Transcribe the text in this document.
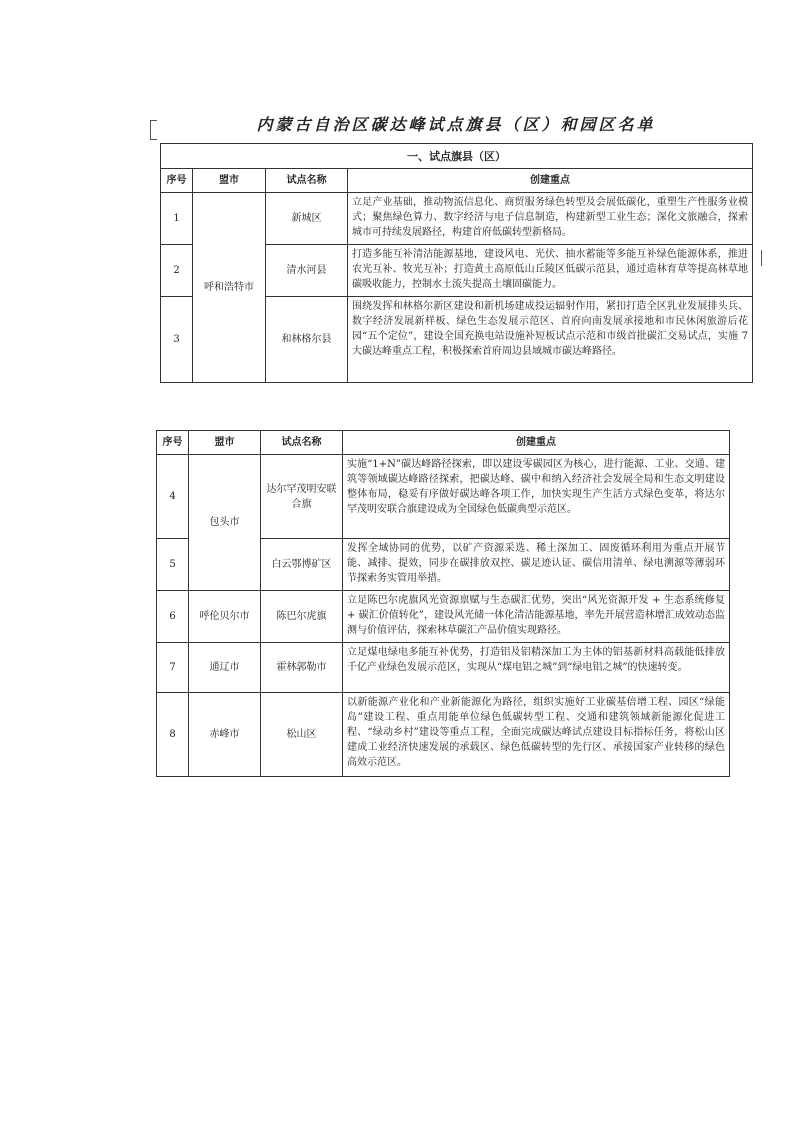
内蒙古自治区碳达峰试点旗县（区）和园区名单
一、试点旗县（区）			
序号	盟市	试点名称	创建重点
1	呼和浩特市	新城区	立足产业基础，推动物流信息化、商贸服务绿色转型及会展低碳化，重塑生产性服务业模式；聚焦绿色算力、数字经济与电子信息制造，构建新型工业生态；深化文旅融合，探索城市可持续发展路径，构建首府低碳转型新格局。
2		清水河县	打造多能互补清洁能源基地，建设风电、光伏、抽水蓄能等多能互补绿色能源体系，推进农光互补、牧光互补；打造黄土高原低山丘陵区低碳示范县，通过造林育草等提高林草地碳吸收能力，控制水土流失提高土壤固碳能力。
3		和林格尔县	围绕发挥和林格尔新区建设和新机场建成投运辐射作用，紧扣打造全区乳业发展排头兵、数字经济发展新样板、绿色生态发展示范区、首府向南发展承接地和市民休闲旅游后花园“五个定位”，建设全国充换电站设施补短板试点示范和市级首批碳汇交易试点，实施 7 大碳达峰重点工程，积极探索首府周边县域城市碳达峰路径。
序号	盟市	试点名称	创建重点
4	包头市	达尔罕茂明安联合旗	实施“1+N”碳达峰路径探索，即以建设零碳园区为核心，进行能源、工业、交通、建筑等领域碳达峰路径探索，把碳达峰、碳中和纳入经济社会发展全局和生态文明建设整体布局，稳妥有序做好碳达峰各项工作，加快实现生产生活方式绿色变革，将达尔罕茂明安联合旗建设成为全国绿色低碳典型示范区。
5		白云鄂博矿区	发挥全域协同的优势，以矿产资源采选、稀土深加工、固废循环利用为重点开展节能、减排、提效，同步在碳排放双控、碳足迹认证、碳信用清单、绿电溯源等薄弱环节探索务实管用举措。
6	呼伦贝尔市	陈巴尔虎旗	立足陈巴尔虎旗风光资源禀赋与生态碳汇优势，突出“风光资源开发 + 生态系统修复 + 碳汇价值转化”，建设风光储一体化清洁能源基地，率先开展营造林增汇成效动态监测与价值评估，探索林草碳汇产品价值实现路径。
7	通辽市	霍林郭勒市	立足煤电绿电多能互补优势，打造铝及铝精深加工为主体的铝基新材料高载能低排放千亿产业绿色发展示范区，实现从“煤电铝之城”到“绿电铝之城”的快速转变。
8	赤峰市	松山区	以新能源产业化和产业新能源化为路径，组织实施好工业碳基倍增工程、园区“绿能岛”建设工程、重点用能单位绿色低碳转型工程、交通和建筑领域新能源化促进工程、“绿动乡村”建设等重点工程，全面完成碳达峰试点建设目标指标任务，将松山区建成工业经济快速发展的承载区、绿色低碳转型的先行区、承接国家产业转移的绿色高效示范区。
